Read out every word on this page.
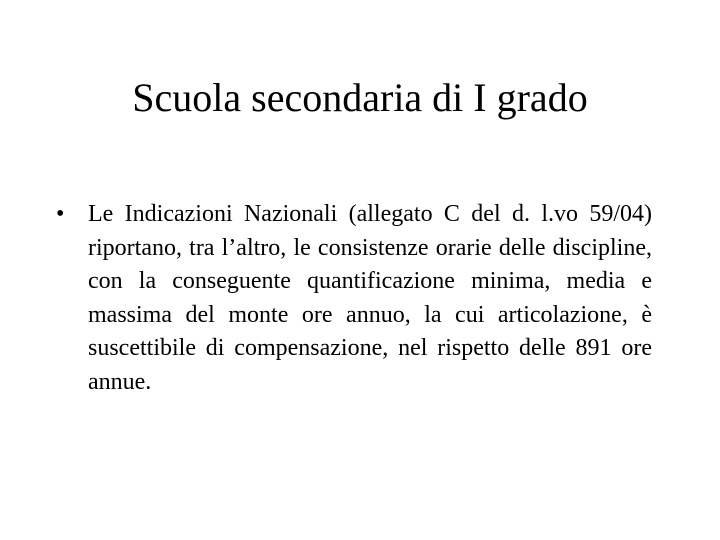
Scuola secondaria di I grado
• Le Indicazioni Nazionali (allegato C del d. l.vo 59/04) riportano, tra l’altro, le consistenze orarie delle discipline, con la conseguente quantificazione minima, media e massima del monte ore annuo, la cui articolazione, è suscettibile di compensazione, nel rispetto delle 891 ore annue.
